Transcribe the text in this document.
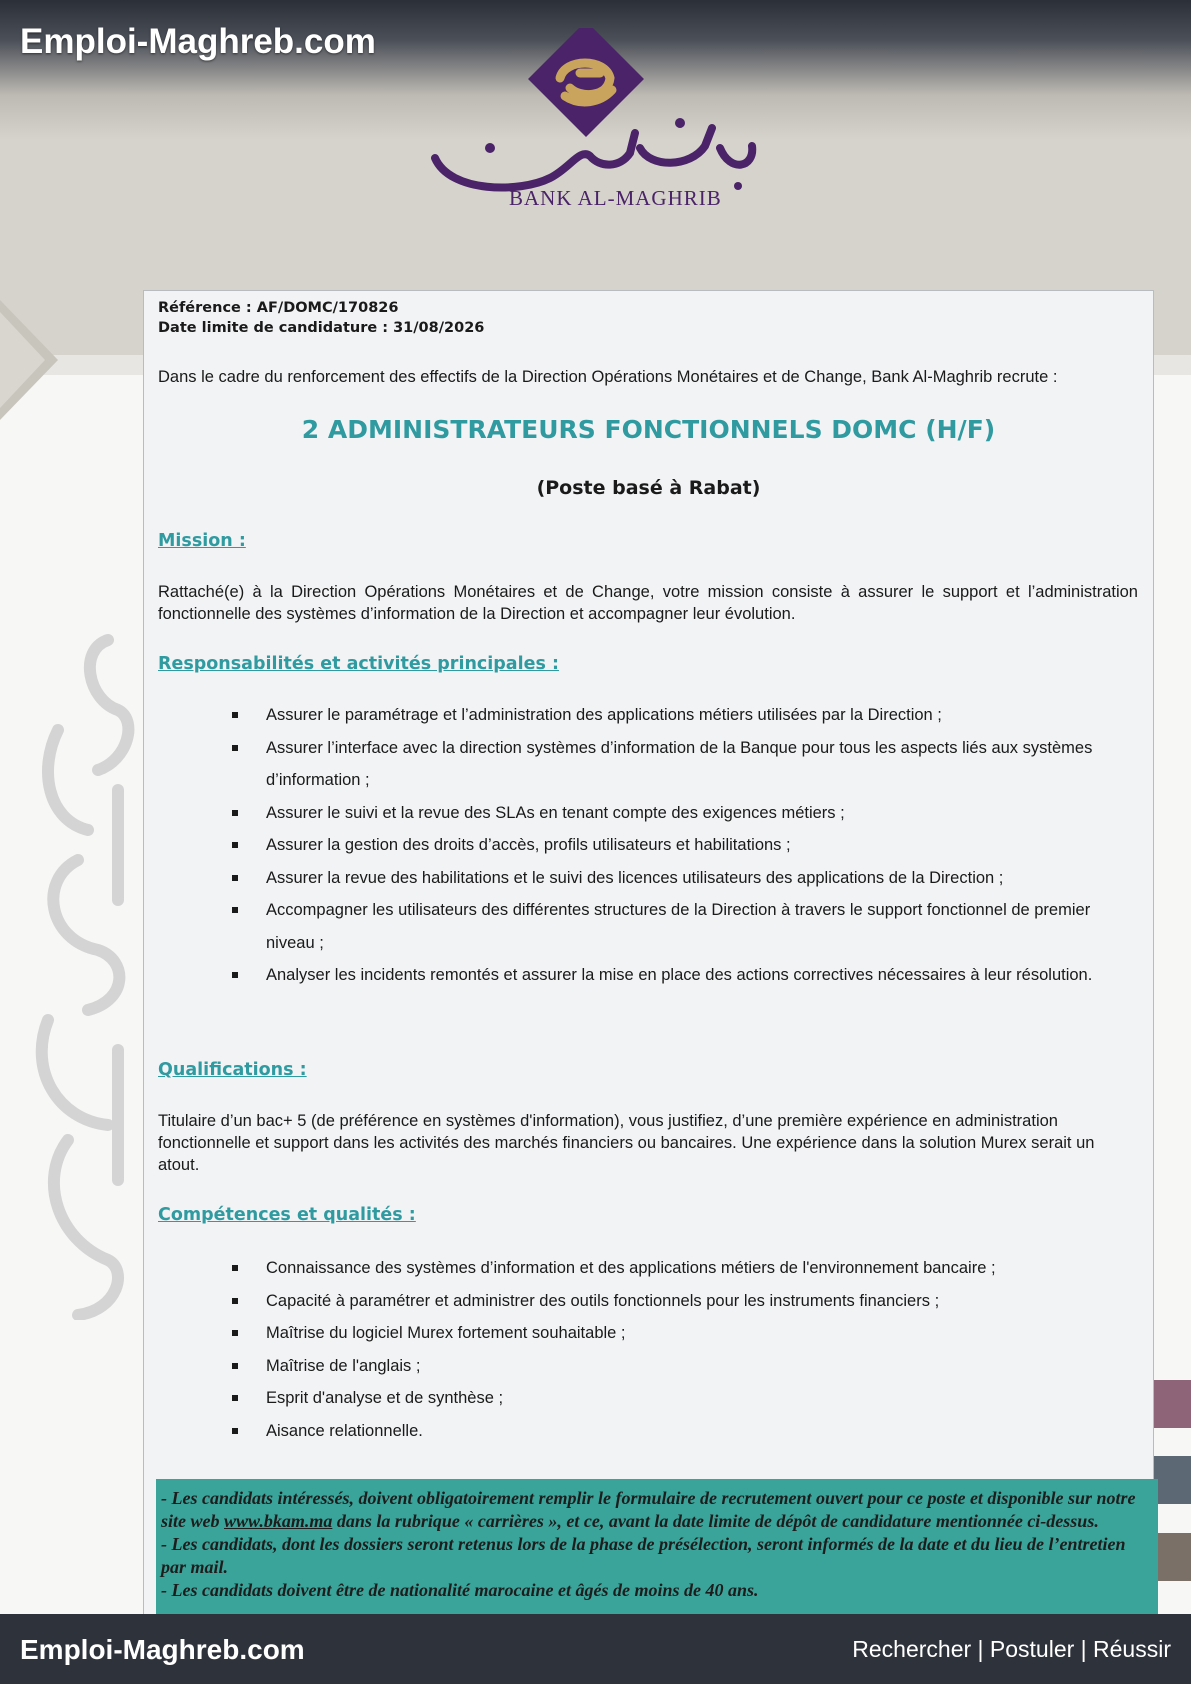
Emploi-Maghreb.com
BANK AL-MAGHRIB
Référence : AF/DOMC/170826
Date limite de candidature : 31/08/2026
Dans le cadre du renforcement des effectifs de la Direction Opérations Monétaires et de Change, Bank Al-Maghrib recrute :
2 ADMINISTRATEURS FONCTIONNELS DOMC (H/F)
(Poste basé à Rabat)
Mission :
Rattaché(e) à la Direction Opérations Monétaires et de Change, votre mission consiste à assurer le support et l’administration fonctionnelle des systèmes d’information de la Direction et accompagner leur évolution.
Responsabilités et activités principales :
Assurer le paramétrage et l’administration des applications métiers utilisées par la Direction ;
Assurer l’interface avec la direction systèmes d’information de la Banque pour tous les aspects liés aux systèmes d’information ;
Assurer le suivi et la revue des SLAs en tenant compte des exigences métiers ;
Assurer la gestion des droits d’accès, profils utilisateurs et habilitations ;
Assurer la revue des habilitations et le suivi des licences utilisateurs des applications de la Direction ;
Accompagner les utilisateurs des différentes structures de la Direction à travers le support fonctionnel de premier niveau ;
Analyser les incidents remontés et assurer la mise en place des actions correctives nécessaires à leur résolution.
Qualifications :
Titulaire d’un bac+ 5 (de préférence en systèmes d'information), vous justifiez, d’une première expérience en administration fonctionnelle et support dans les activités des marchés financiers ou bancaires. Une expérience dans la solution Murex serait un atout.
Compétences et qualités :
Connaissance des systèmes d’information et des applications métiers de l'environnement bancaire ;
Capacité à paramétrer et administrer des outils fonctionnels pour les instruments financiers ;
Maîtrise du logiciel Murex fortement souhaitable ;
Maîtrise de l'anglais ;
Esprit d'analyse et de synthèse ;
Aisance relationnelle.
- Les candidats intéressés, doivent obligatoirement remplir le formulaire de recrutement ouvert pour ce poste et disponible sur notre site web www.bkam.ma dans la rubrique « carrières », et ce, avant la date limite de dépôt de candidature mentionnée ci-dessus.
- Les candidats, dont les dossiers seront retenus lors de la phase de présélection, seront informés de la date et du lieu de l’entretien par mail.
- Les candidats doivent être de nationalité marocaine et âgés de moins de 40 ans.
Emploi-Maghreb.com	Rechercher | Postuler | Réussir
